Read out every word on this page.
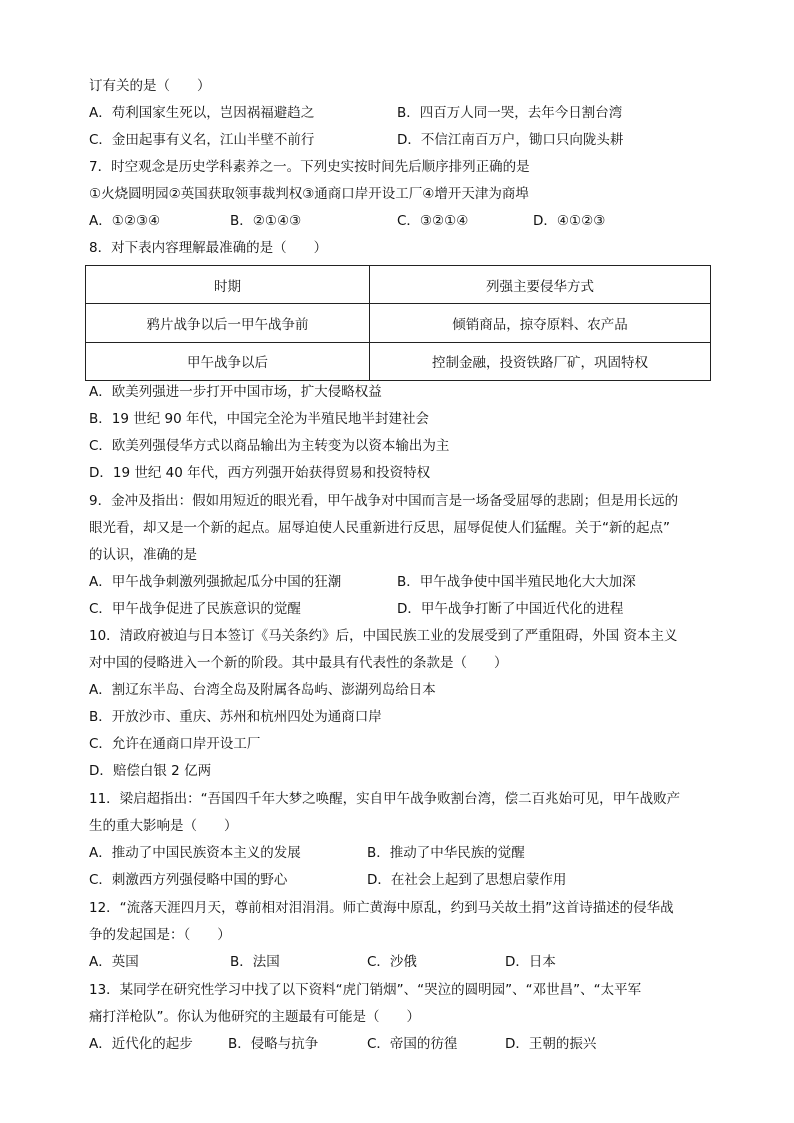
订有关的是（　　）
A．苟利国家生死以，岂因祸福避趋之	B．四百万人同一哭，去年今日割台湾
C．金田起事有义名，江山半壁不前行	D．不信江南百万户，锄口只向陇头耕
7．时空观念是历史学科素养之一。下列史实按时间先后顺序排列正确的是
①火烧圆明园②英国获取领事裁判权③通商口岸开设工厂④增开天津为商埠
A．①②③④	B．②①④③	C．③②①④	D．④①②③
8．对下表内容理解最准确的是（　　）
时期	列强主要侵华方式
鸦片战争以后一甲午战争前	倾销商品，掠夺原料、农产品
甲午战争以后	控制金融，投资铁路厂矿，巩固特权
A．欧美列强进一步打开中国市场，扩大侵略权益
B．19 世纪 90 年代，中国完全沦为半殖民地半封建社会
C．欧美列强侵华方式以商品输出为主转变为以资本输出为主
D．19 世纪 40 年代，西方列强开始获得贸易和投资特权
9．金冲及指出：假如用短近的眼光看，甲午战争对中国而言是一场备受屈辱的悲剧；但是用长远的
眼光看，却又是一个新的起点。屈辱迫使人民重新进行反思，屈辱促使人们猛醒。关于“新的起点”
的认识，准确的是
A．甲午战争刺激列强掀起瓜分中国的狂潮	B．甲午战争使中国半殖民地化大大加深
C．甲午战争促进了民族意识的觉醒	D．甲午战争打断了中国近代化的进程
10．清政府被迫与日本签订《马关条约》后，中国民族工业的发展受到了严重阻碍，外国 资本主义
对中国的侵略进入一个新的阶段。其中最具有代表性的条款是（　　）
A．割辽东半岛、台湾全岛及附属各岛屿、澎湖列岛给日本
B．开放沙市、重庆、苏州和杭州四处为通商口岸
C．允许在通商口岸开设工厂
D．赔偿白银 2 亿两
11．梁启超指出：“吾国四千年大梦之唤醒，实自甲午战争败割台湾，偿二百兆始可见，甲午战败产
生的重大影响是（　　）
A．推动了中国民族资本主义的发展	B．推动了中华民族的觉醒
C．刺激西方列强侵略中国的野心	D．在社会上起到了思想启蒙作用
12．“流落天涯四月天，尊前相对泪涓涓。师亡黄海中原乱，约到马关故土捐”这首诗描述的侵华战
争的发起国是：（　　）
A．英国	B．法国	C．沙俄	D．日本
13．某同学在研究性学习中找了以下资料“虎门销烟”、“哭泣的圆明园”、“邓世昌”、“太平军
痛打洋枪队”。你认为他研究的主题最有可能是（　　）
A．近代化的起步	B．侵略与抗争	C．帝国的彷徨	D．王朝的振兴
